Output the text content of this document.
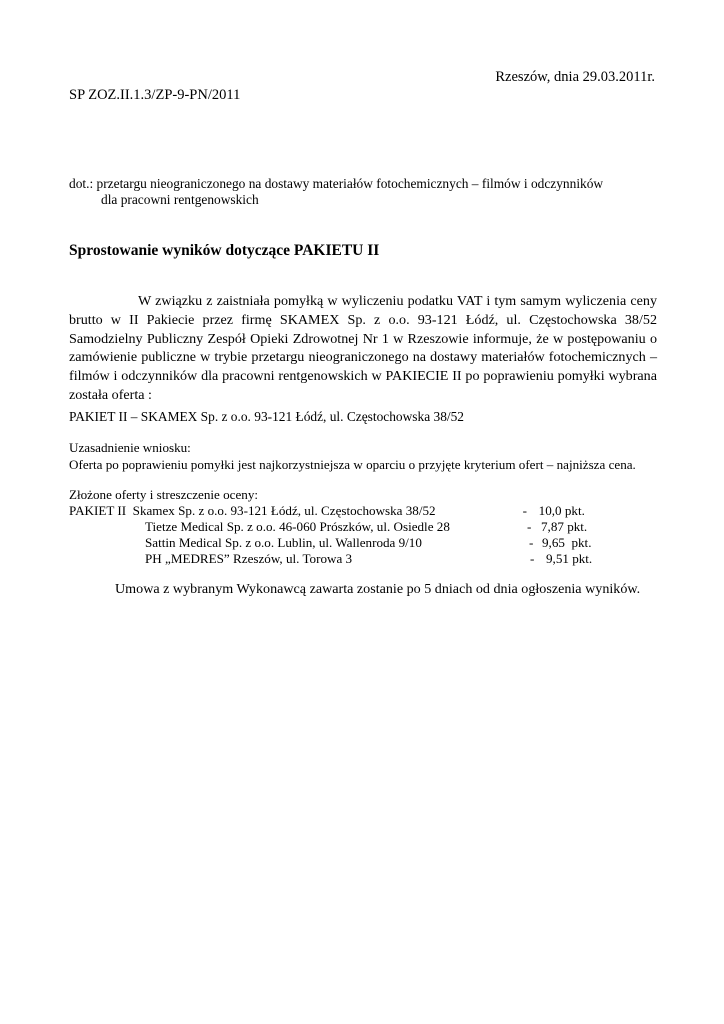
Rzeszów, dnia 29.03.2011r.
SP ZOZ.II.1.3/ZP-9-PN/2011
dot.: przetargu nieograniczonego na dostawy materiałów fotochemicznych – filmów i odczynników
dla pracowni rentgenowskich
Sprostowanie wyników dotyczące PAKIETU II
W związku z zaistniała pomyłką w wyliczeniu podatku VAT i tym samym wyliczenia ceny brutto w II Pakiecie przez firmę SKAMEX Sp. z o.o. 93-121 Łódź, ul. Częstochowska 38/52 Samodzielny Publiczny Zespół Opieki Zdrowotnej Nr 1 w Rzeszowie informuje, że w postępowaniu o zamówienie publiczne w trybie przetargu nieograniczonego na dostawy materiałów fotochemicznych – filmów i odczynników dla pracowni rentgenowskich w PAKIECIE II po poprawieniu pomyłki wybrana została oferta :
PAKIET II – SKAMEX Sp. z o.o. 93-121 Łódź, ul. Częstochowska 38/52
Uzasadnienie wniosku:
Oferta po poprawieniu pomyłki jest najkorzystniejsza w oparciu o przyjęte kryterium ofert – najniższa cena.
Złożone oferty i streszczenie oceny:
PAKIET II
Skamex Sp. z o.o. 93-121 Łódź, ul. Częstochowska 38/52	- 10,0 pkt.
Tietze Medical Sp. z o.o. 46-060 Prószków, ul. Osiedle 28	- 7,87 pkt.
Sattin Medical Sp. z o.o. Lublin, ul. Wallenroda 9/10	- 9,65  pkt.
PH „MEDRES” Rzeszów, ul. Torowa 3	- 9,51 pkt.
Umowa z wybranym Wykonawcą zawarta zostanie po 5 dniach od dnia ogłoszenia wyników.
